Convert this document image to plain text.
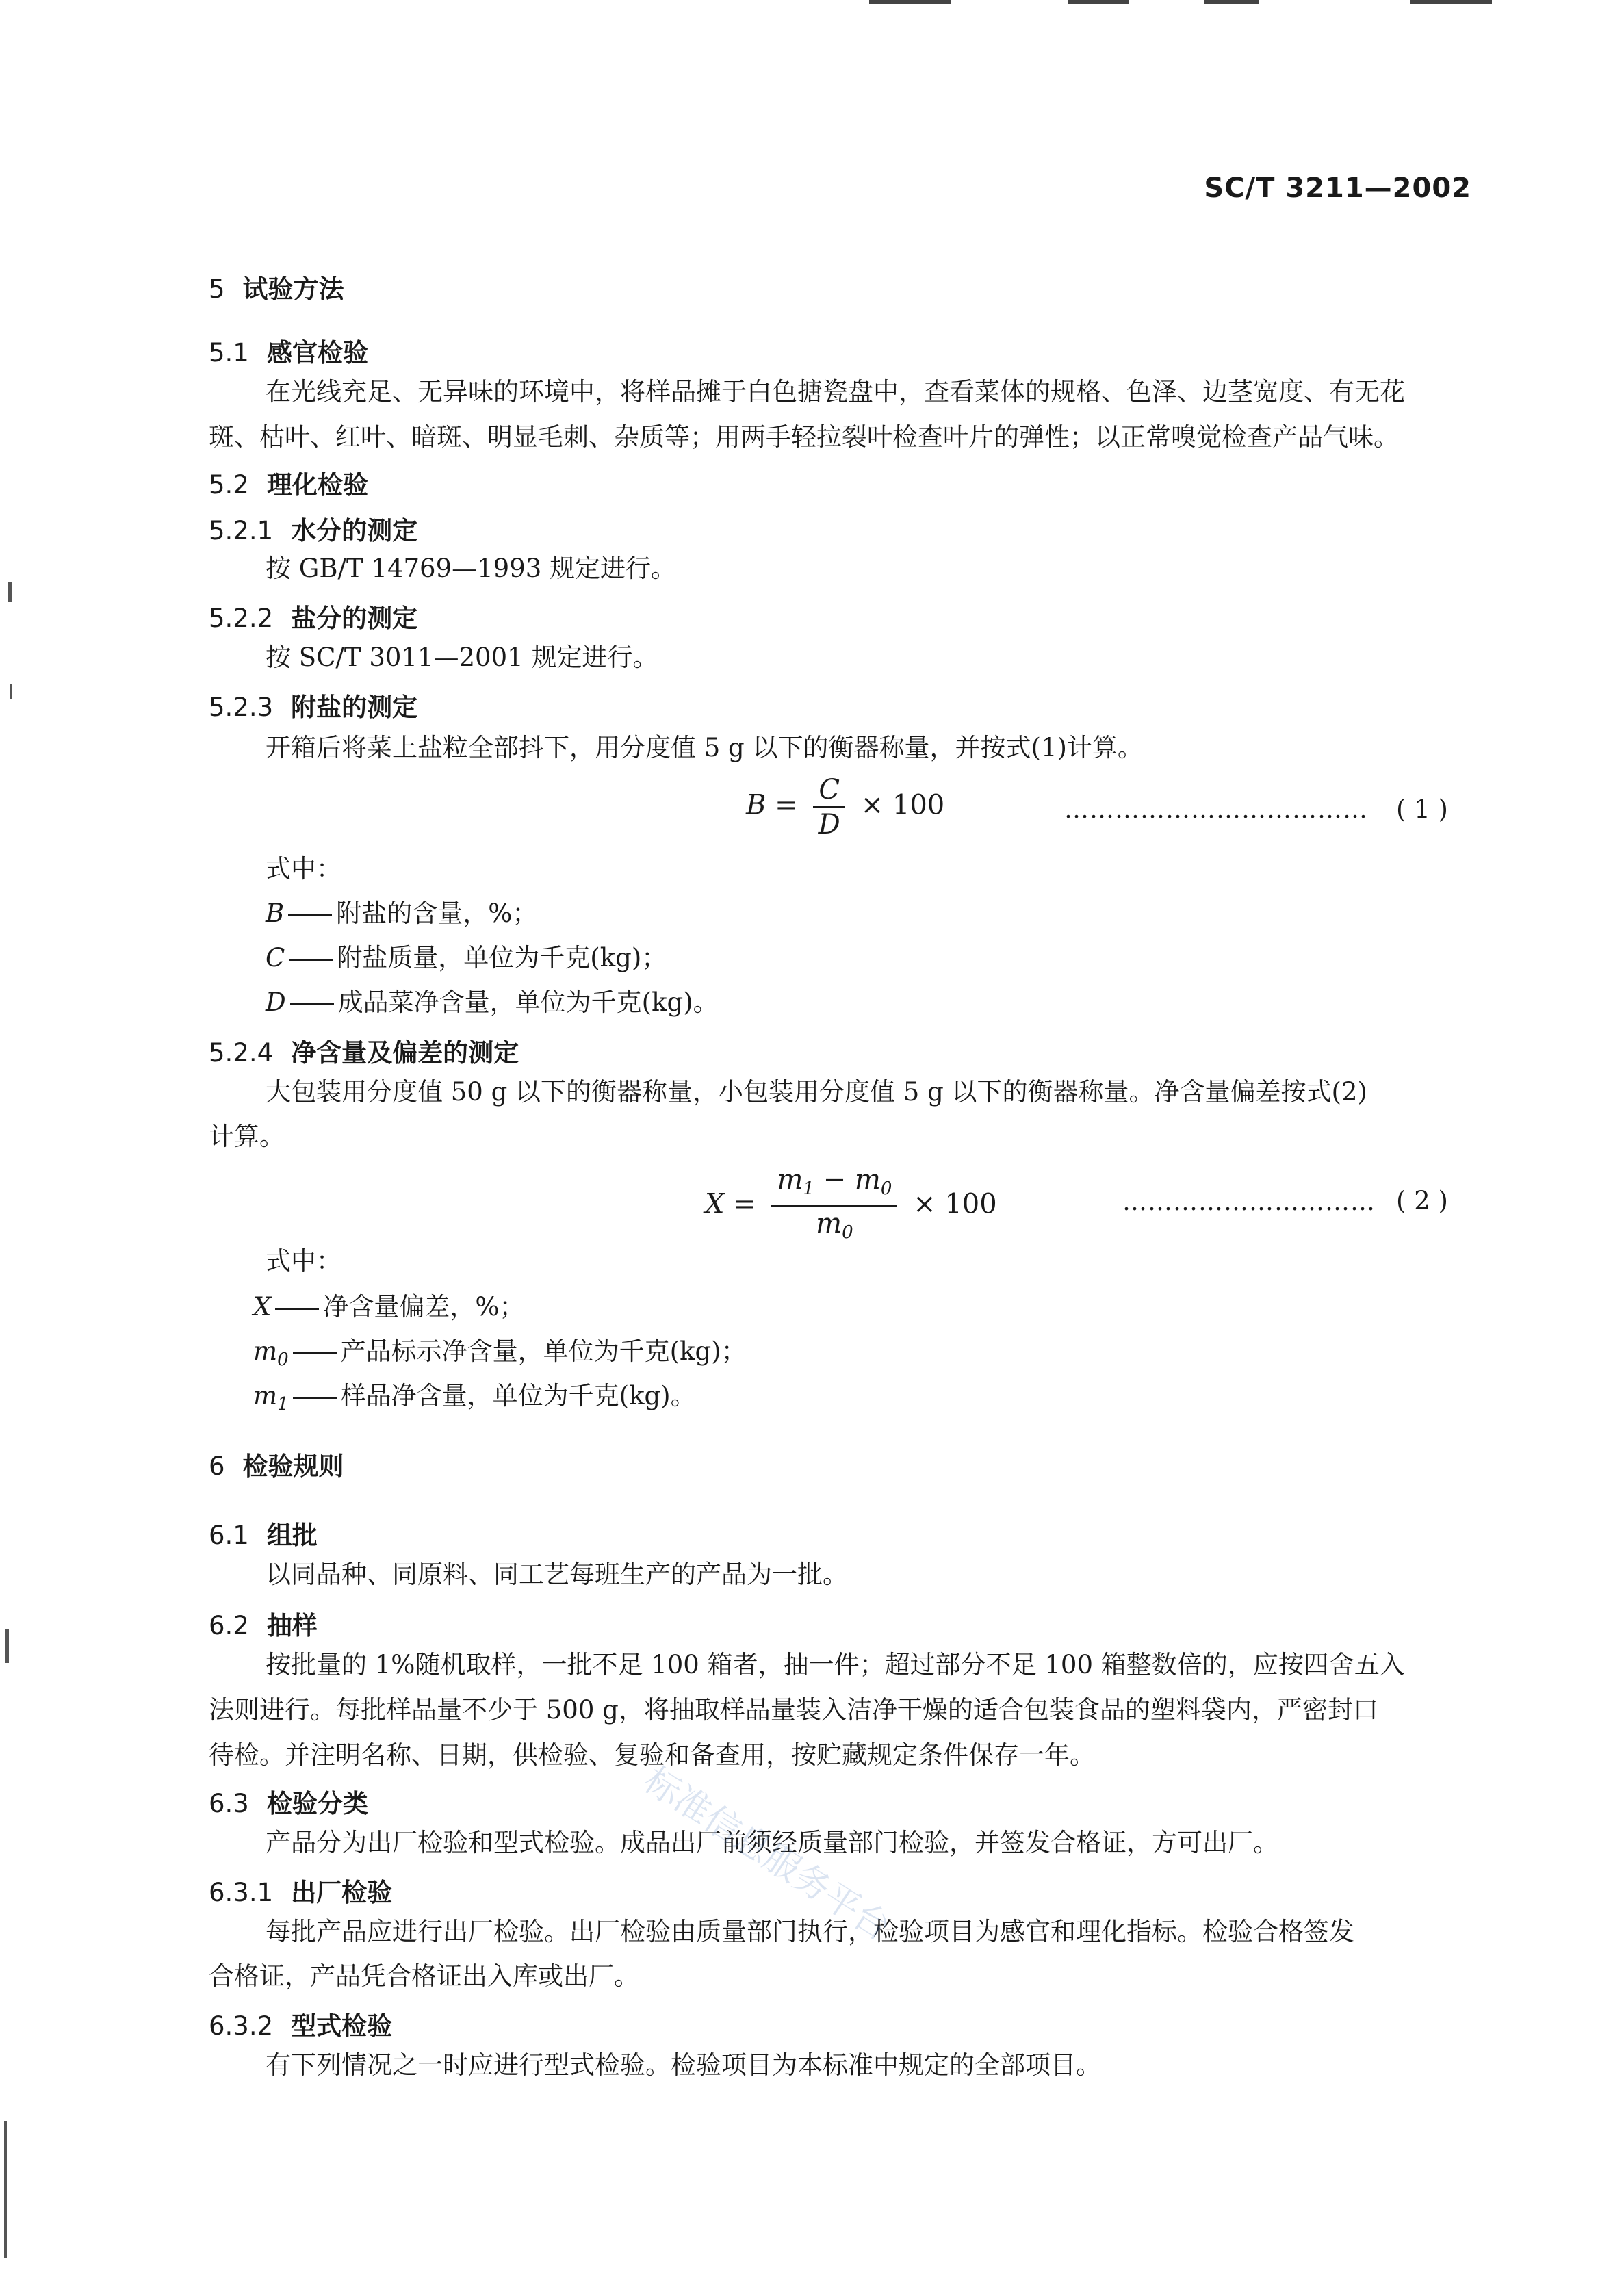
SC/T 3211—2002
5 试验方法
5.1 感官检验
在光线充足、无异味的环境中，将样品摊于白色搪瓷盘中，查看菜体的规格、色泽、边茎宽度、有无花
斑、枯叶、红叶、暗斑、明显毛刺、杂质等；用两手轻拉裂叶检查叶片的弹性；以正常嗅觉检查产品气味。
5.2 理化检验
5.2.1 水分的测定
按 GB/T 14769—1993 规定进行。
5.2.2 盐分的测定
按 SC/T 3011—2001 规定进行。
5.2.3 附盐的测定
开箱后将菜上盐粒全部抖下，用分度值 5 g 以下的衡器称量，并按式(1)计算。
$B = \frac{C}{D} \times 100$	……………………………… ( 1 )
式中：
B 附盐的含量，%；
C 附盐质量，单位为千克(kg)；
D 成品菜净含量，单位为千克(kg)。
5.2.4 净含量及偏差的测定
大包装用分度值 50 g 以下的衡器称量，小包装用分度值 5 g 以下的衡器称量。净含量偏差按式(2)
计算。
$X = \frac{m_1 - m_0}{m_0} \times 100$	………………………… ( 2 )
式中：
X 净含量偏差，%；
$m_0$ 产品标示净含量，单位为千克(kg)；
$m_1$ 样品净含量，单位为千克(kg)。
6 检验规则
6.1 组批
以同品种、同原料、同工艺每班生产的产品为一批。
6.2 抽样
按批量的 1%随机取样，一批不足 100 箱者，抽一件；超过部分不足 100 箱整数倍的，应按四舍五入
法则进行。每批样品量不少于 500 g，将抽取样品量装入洁净干燥的适合包装食品的塑料袋内，严密封口
待检。并注明名称、日期，供检验、复验和备查用，按贮藏规定条件保存一年。
6.3 检验分类
产品分为出厂检验和型式检验。成品出厂前须经质量部门检验，并签发合格证，方可出厂。
6.3.1 出厂检验
每批产品应进行出厂检验。出厂检验由质量部门执行，检验项目为感官和理化指标。检验合格签发
合格证，产品凭合格证出入库或出厂。
6.3.2 型式检验
有下列情况之一时应进行型式检验。检验项目为本标准中规定的全部项目。
标准信息服务平台
